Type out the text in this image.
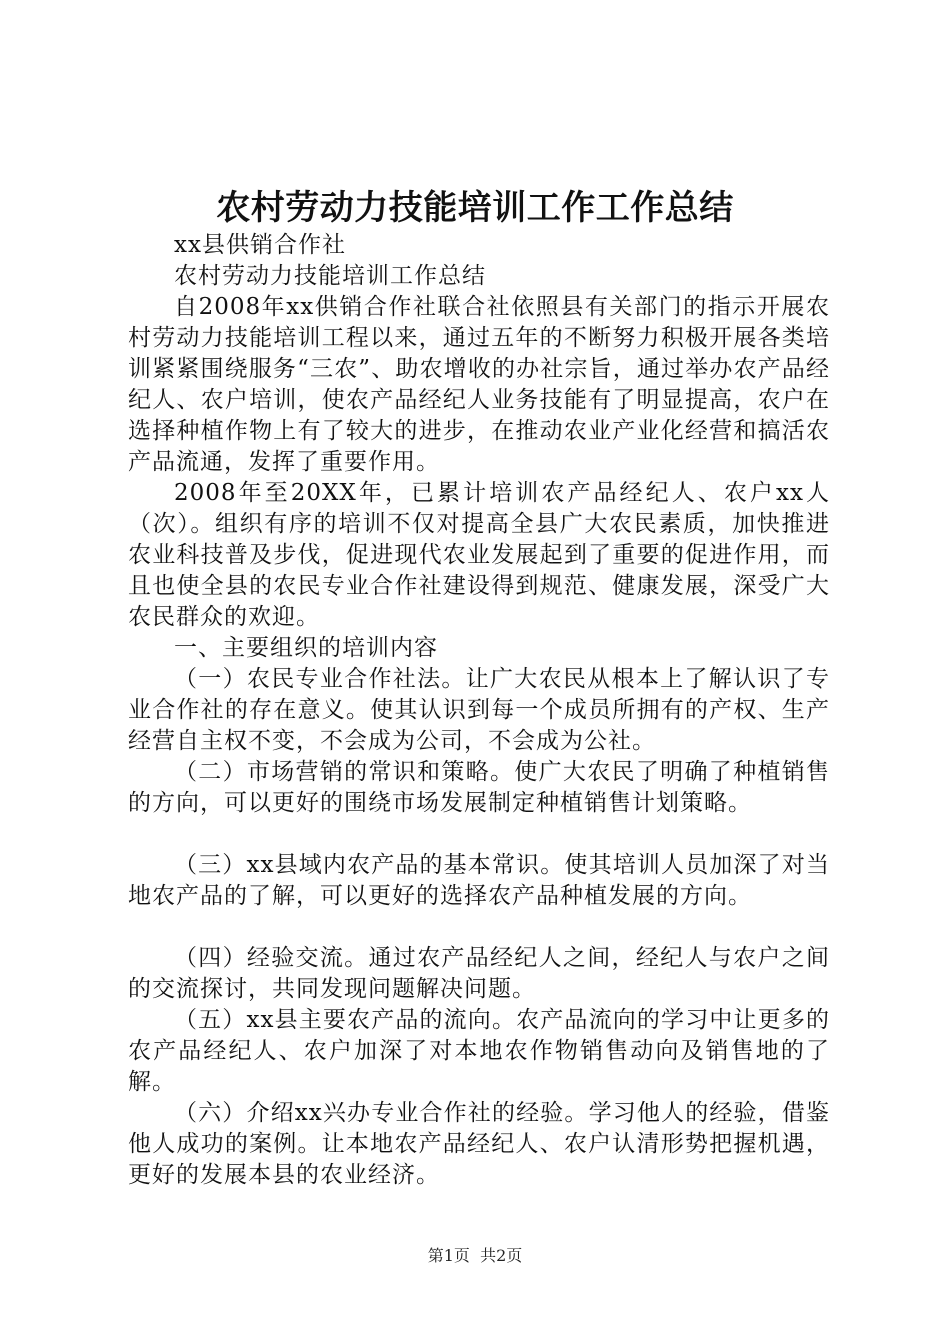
农村劳动力技能培训工作工作总结

xx县供销合作社

农村劳动力技能培训工作总结

自2008年xx供销合作社联合社依照县有关部门的指示开展农村劳动力技能培训工程以来，通过五年的不断努力积极开展各类培训紧紧围绕服务“三农”、助农增收的办社宗旨，通过举办农产品经纪人、农户培训，使农产品经纪人业务技能有了明显提高，农户在选择种植作物上有了较大的进步，在推动农业产业化经营和搞活农产品流通，发挥了重要作用。

2008年至20XX年，已累计培训农产品经纪人、农户xx人（次）。组织有序的培训不仅对提高全县广大农民素质，加快推进农业科技普及步伐，促进现代农业发展起到了重要的促进作用，而且也使全县的农民专业合作社建设得到规范、健康发展，深受广大农民群众的欢迎。

一、主要组织的培训内容

（一）农民专业合作社法。让广大农民从根本上了解认识了专业合作社的存在意义。使其认识到每一个成员所拥有的产权、生产经营自主权不变，不会成为公司，不会成为公社。

（二）市场营销的常识和策略。使广大农民了明确了种植销售的方向，可以更好的围绕市场发展制定种植销售计划策略。

（三）xx县域内农产品的基本常识。使其培训人员加深了对当地农产品的了解，可以更好的选择农产品种植发展的方向。

（四）经验交流。通过农产品经纪人之间，经纪人与农户之间的交流探讨，共同发现问题解决问题。

（五）xx县主要农产品的流向。农产品流向的学习中让更多的农产品经纪人、农户加深了对本地农作物销售动向及销售地的了解。

（六）介绍xx兴办专业合作社的经验。学习他人的经验，借鉴他人成功的案例。让本地农产品经纪人、农户认清形势把握机遇，更好的发展本县的农业经济。

第1页 共2页
